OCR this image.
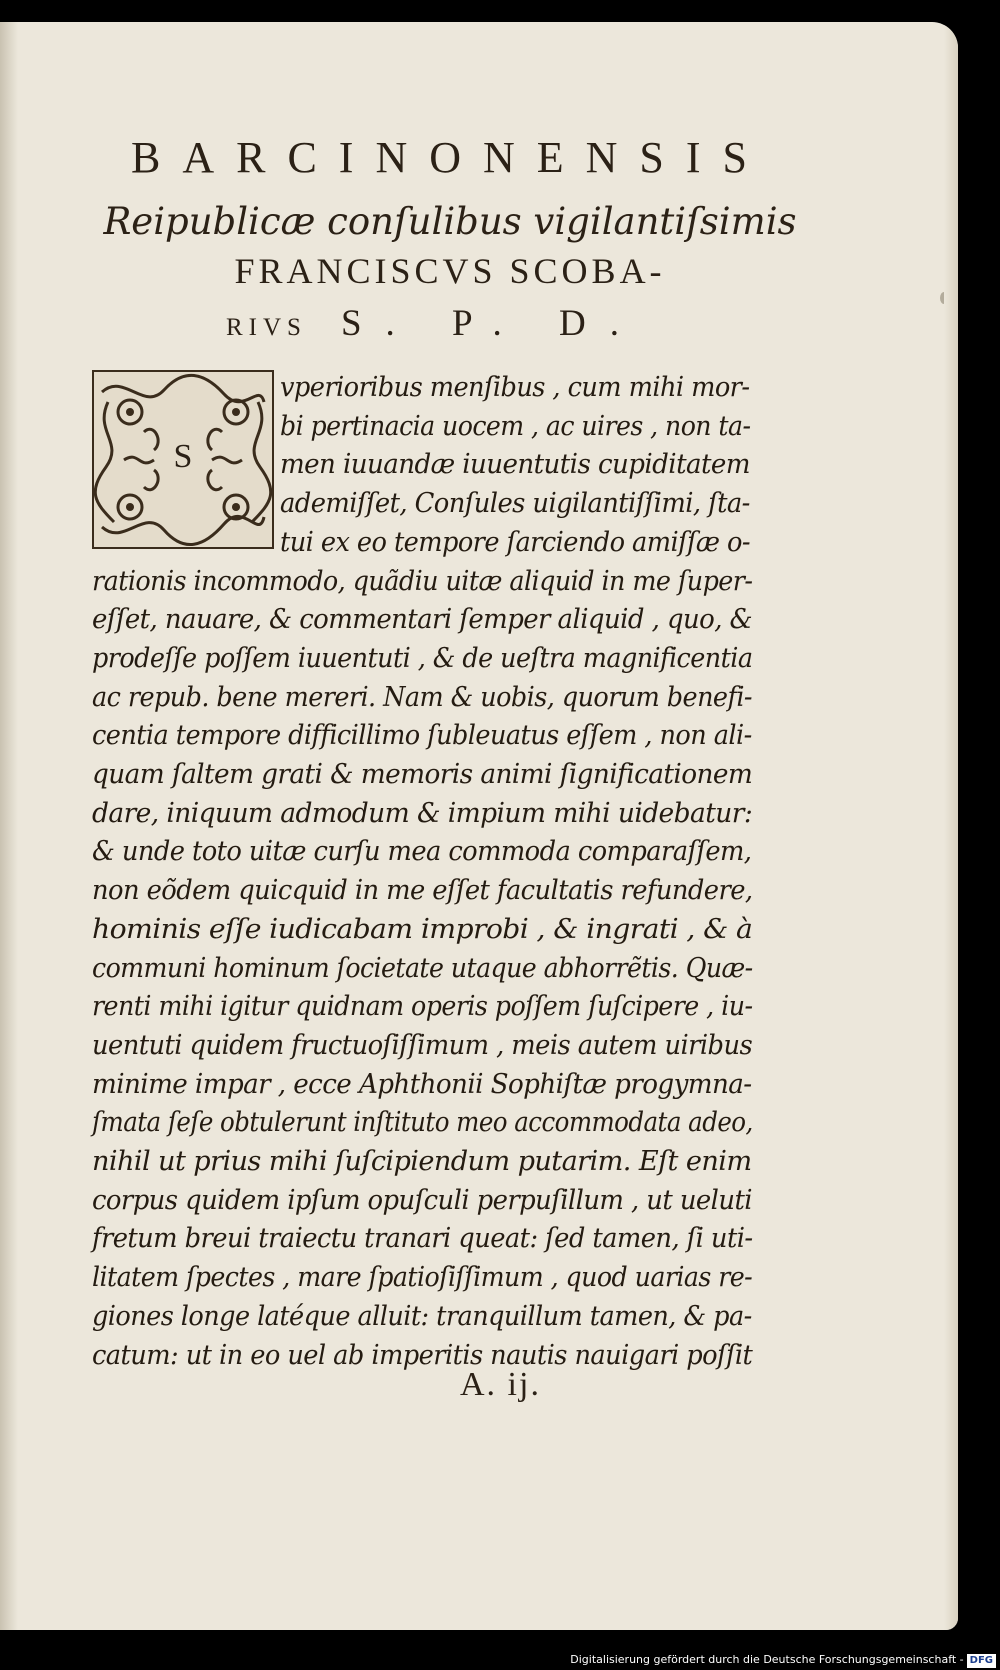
BARCINONENSIS
Reipublicæ conſulibus vigilantiſsimis
FRANCISCVS SCOBA-
RIVS S. P. D.
S
vperioribus menſibus , cum mihi mor-
bi pertinacia uocem , ac uires , non ta-
men iuuandæ iuuentutis cupiditatem
ademiſſet, Conſules uigilantiſſimi, ſta-
tui ex eo tempore ſarciendo amiſſæ o-
rationis incommodo, quãdiu uitæ aliquid in me ſuper-
eſſet, nauare, & commentari ſemper aliquid , quo, &
prodeſſe poſſem iuuentuti , & de ueſtra magnificentia
ac repub. bene mereri. Nam & uobis, quorum benefi-
centia tempore difficillimo ſubleuatus eſſem , non ali-
quam ſaltem grati & memoris animi ſignificationem
dare, iniquum admodum & impium mihi uidebatur:
& unde toto uitæ curſu mea commoda comparaſſem,
non eõdem quicquid in me eſſet facultatis refundere,
hominis eſſe iudicabam improbi , & ingrati , & à
communi hominum ſocietate utaque abhorrẽtis. Quæ-
renti mihi igitur quidnam operis poſſem ſuſcipere , iu-
uentuti quidem fructuoſiſſimum , meis autem uiribus
minime impar , ecce Aphthonii Sophiſtæ progymna-
ſmata ſeſe obtulerunt inſtituto meo accommodata adeo,
nihil ut prius mihi ſuſcipiendum putarim. Eſt enim
corpus quidem ipſum opuſculi perpuſillum , ut ueluti
fretum breui traiectu tranari queat: ſed tamen, ſi uti-
litatem ſpectes , mare ſpatioſiſſimum , quod uarias re-
giones longe latéque alluit: tranquillum tamen, & pa-
catum: ut in eo uel ab imperitis nautis nauigari poſſit
A. ij.
Digitalisierung gefördert durch die Deutsche Forschungsgemeinschaft - DFG
